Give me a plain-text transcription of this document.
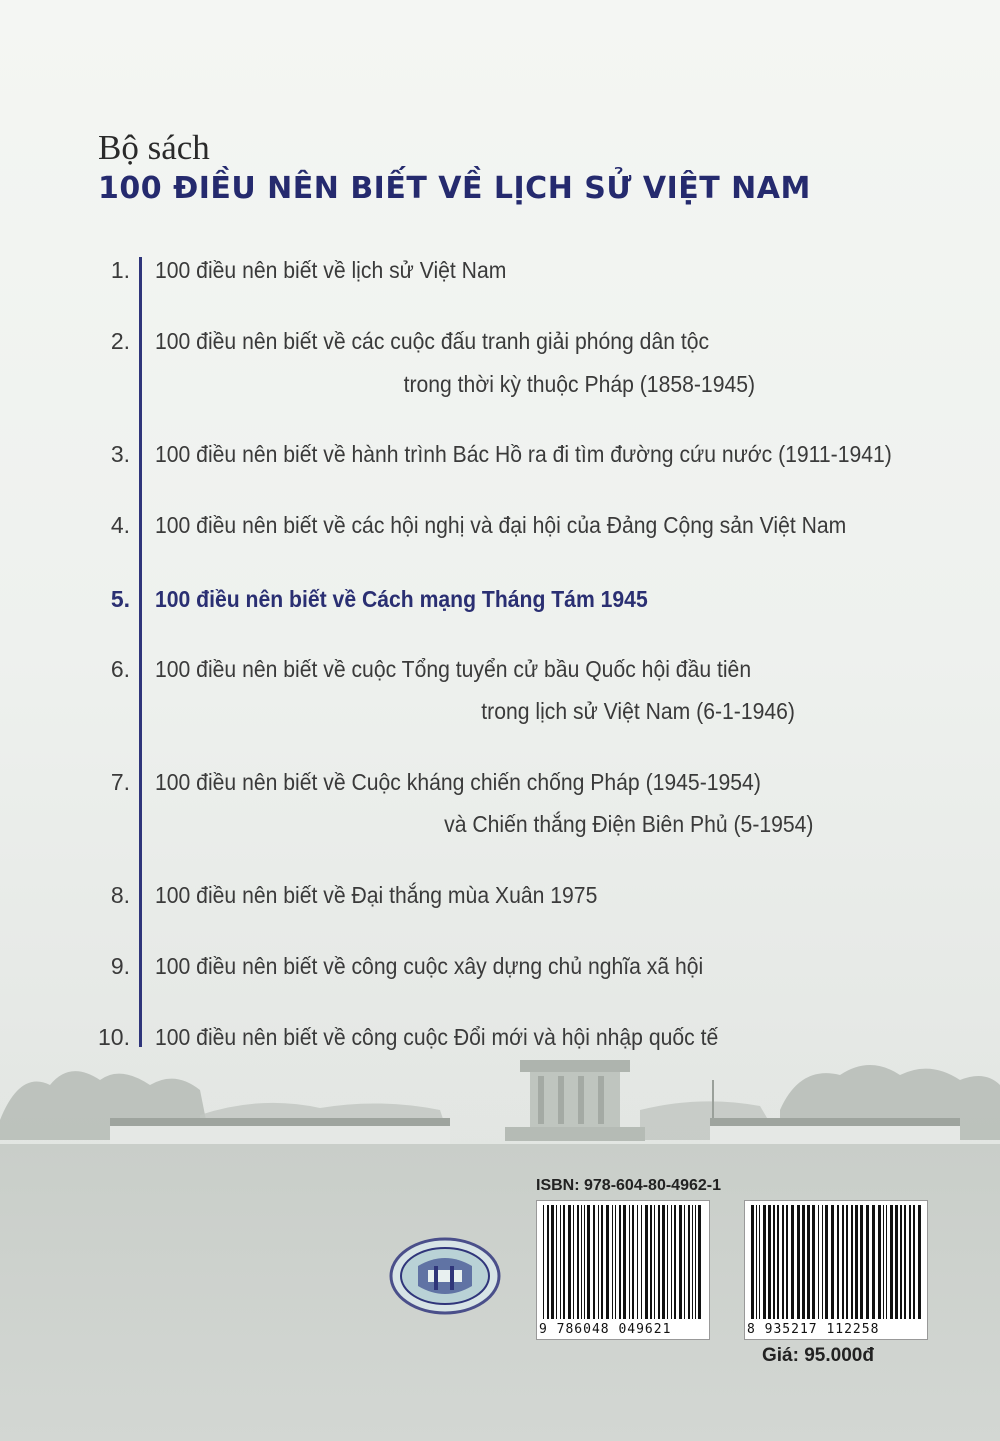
Bộ sách
100 ĐIỀU NÊN BIẾT VỀ LỊCH SỬ VIỆT NAM
1. 100 điều nên biết về lịch sử Việt Nam
2. 100 điều nên biết về các cuộc đấu tranh giải phóng dân tộc
trong thời kỳ thuộc Pháp (1858-1945)
3. 100 điều nên biết về hành trình Bác Hồ ra đi tìm đường cứu nước (1911-1941)
4. 100 điều nên biết về các hội nghị và đại hội của Đảng Cộng sản Việt Nam
5. 100 điều nên biết về Cách mạng Tháng Tám 1945
6. 100 điều nên biết về cuộc Tổng tuyển cử bầu Quốc hội đầu tiên
trong lịch sử Việt Nam (6-1-1946)
7. 100 điều nên biết về Cuộc kháng chiến chống Pháp (1945-1954)
và Chiến thắng Điện Biên Phủ (5-1954)
8. 100 điều nên biết về Đại thắng mùa Xuân 1975
9. 100 điều nên biết về công cuộc xây dựng chủ nghĩa xã hội
10. 100 điều nên biết về công cuộc Đổi mới và hội nhập quốc tế
ISBN: 978-604-80-4962-1
9 786048 049621	8 935217 112258
Giá: 95.000đ
